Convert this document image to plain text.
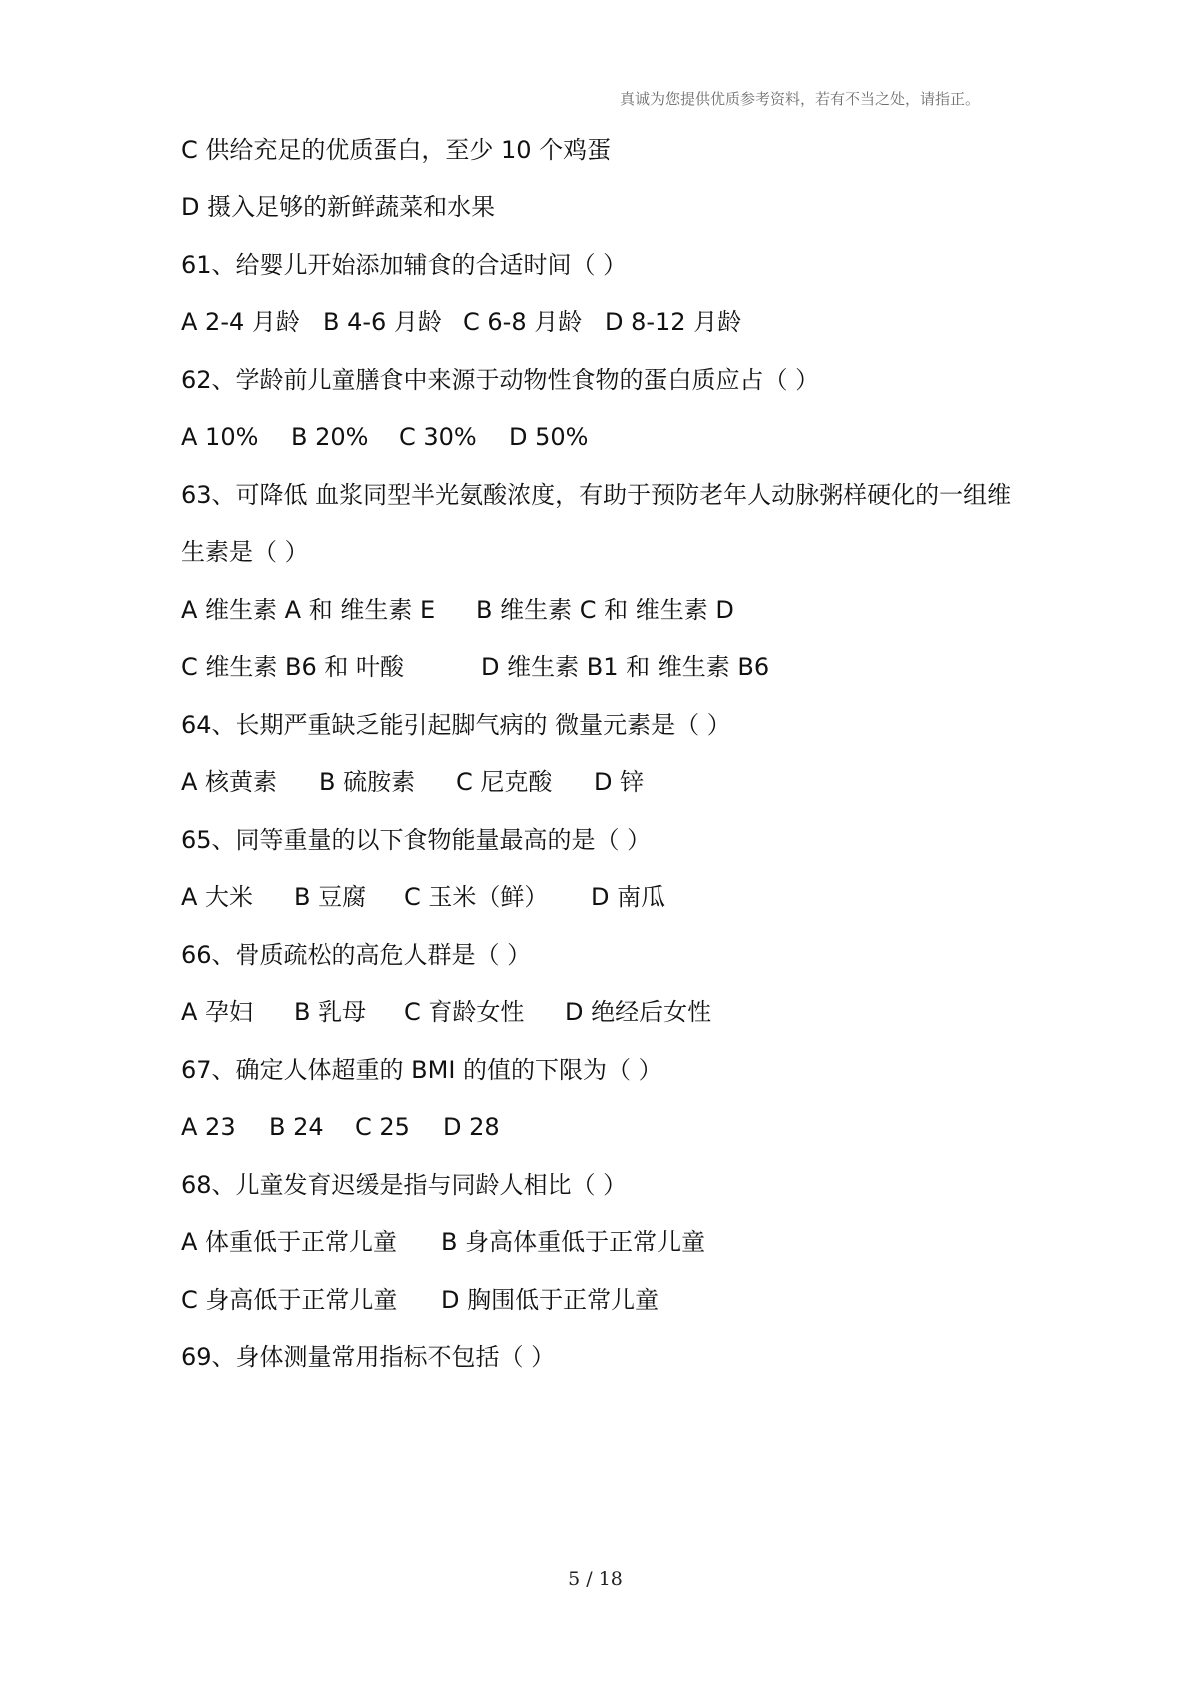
真诚为您提供优质参考资料，若有不当之处，请指正。
C 供给充足的优质蛋白，至少 10 个鸡蛋
D 摄入足够的新鲜蔬菜和水果
61、给婴儿开始添加辅食的合适时间（ ）
A 2-4 月龄 B 4-6 月龄 C 6-8 月龄 D 8-12 月龄
62、学龄前儿童膳食中来源于动物性食物的蛋白质应占（ ）
A 10% B 20% C 30% D 50%
63、可降低 血浆同型半光氨酸浓度，有助于预防老年人动脉粥样硬化的一组维
生素是（ ）
A 维生素 A 和 维生素 E B 维生素 C 和 维生素 D
C 维生素 B6 和 叶酸	D 维生素 B1 和 维生素 B6
64、长期严重缺乏能引起脚气病的 微量元素是（ ）
A 核黄素 B 硫胺素 C 尼克酸 D 锌
65、同等重量的以下食物能量最高的是（ ）
A 大米 B 豆腐 C 玉米（鲜） D 南瓜
66、骨质疏松的高危人群是（ ）
A 孕妇 B 乳母 C 育龄女性 D 绝经后女性
67、确定人体超重的 BMI 的值的下限为（ ）
A 23 B 24 C 25 D 28
68、儿童发育迟缓是指与同龄人相比（ ）
A 体重低于正常儿童 B 身高体重低于正常儿童
C 身高低于正常儿童 D 胸围低于正常儿童
69、身体测量常用指标不包括（ ）
5 / 18
